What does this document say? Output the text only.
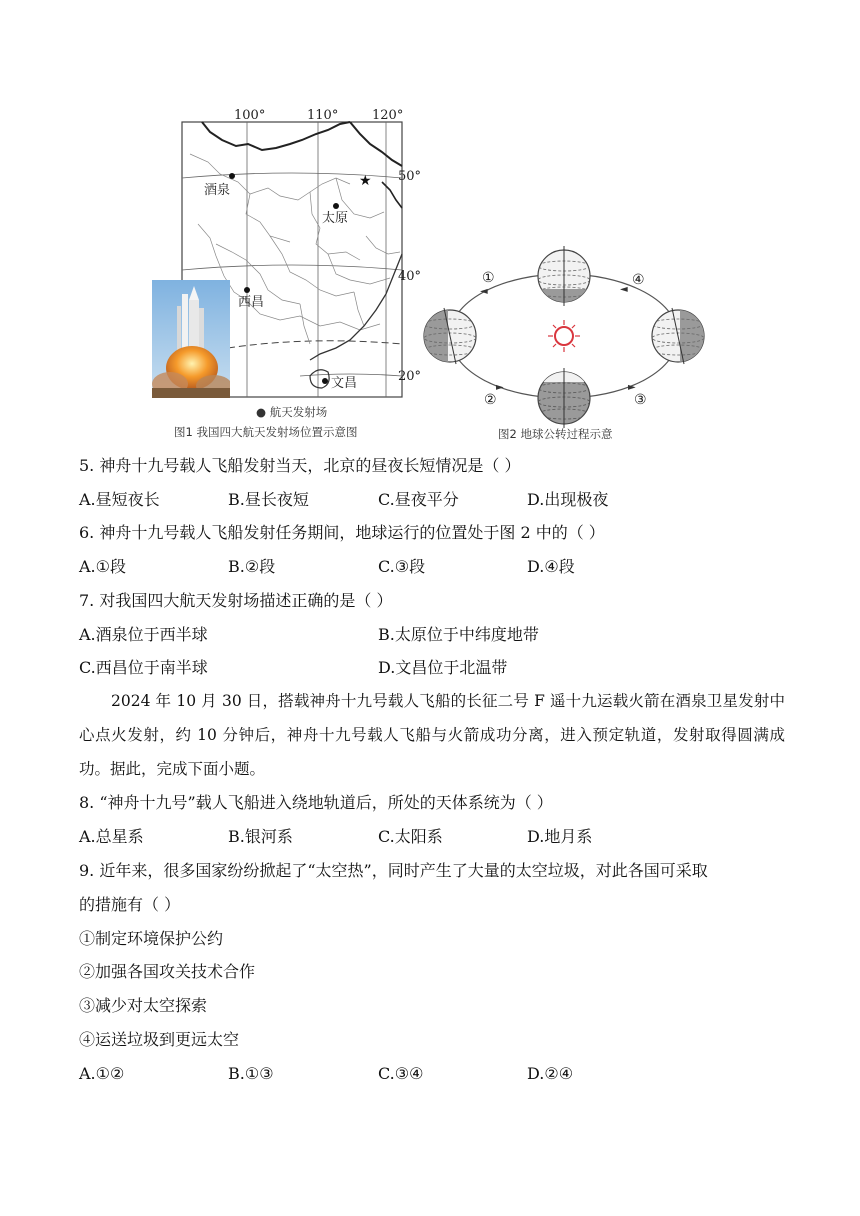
100°	110°	120°
50°
40°
20°
酒泉
太原
西昌
文昌
★
● 航天发射场
图1 我国四大航天发射场位置示意图
◄	◄
►	►
①
②	③
④
图2 地球公转过程示意
5. 神舟十九号载人飞船发射当天，北京的昼夜长短情况是（ ）
A.昼短夜长	B.昼长夜短	C.昼夜平分	D.出现极夜
6. 神舟十九号载人飞船发射任务期间，地球运行的位置处于图 2 中的（ ）
A.①段	B.②段	C.③段	D.④段
7. 对我国四大航天发射场描述正确的是（ ）
A.酒泉位于西半球	B.太原位于中纬度地带
C.西昌位于南半球	D.文昌位于北温带
2024 年 10 月 30 日，搭载神舟十九号载人飞船的长征二号 F 遥十九运载火箭在酒泉卫星发射中心点火发射，约 10 分钟后，神舟十九号载人飞船与火箭成功分离，进入预定轨道，发射取得圆满成功。据此，完成下面小题。
8. “神舟十九号”载人飞船进入绕地轨道后，所处的天体系统为（ ）
A.总星系	B.银河系	C.太阳系	D.地月系
9. 近年来，很多国家纷纷掀起了“太空热”，同时产生了大量的太空垃圾，对此各国可采取
的措施有（ ）
①制定环境保护公约
②加强各国攻关技术合作
③减少对太空探索
④运送垃圾到更远太空
A.①②	B.①③	C.③④	D.②④
